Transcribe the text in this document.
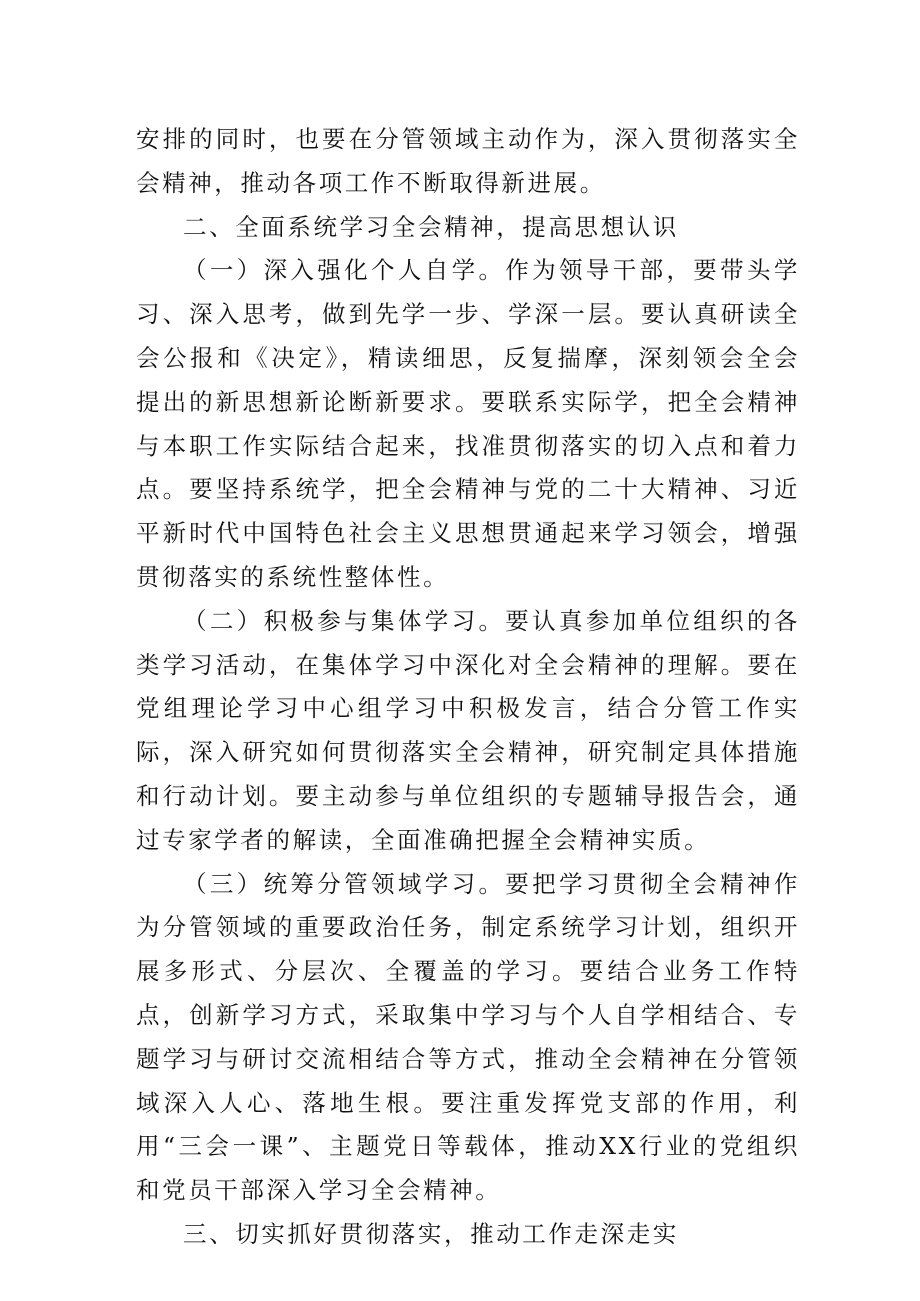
安排的同时，也要在分管领域主动作为，深入贯彻落实全会精神，推动各项工作不断取得新进展。

二、全面系统学习全会精神，提高思想认识

（一）深入强化个人自学。作为领导干部，要带头学习、深入思考，做到先学一步、学深一层。要认真研读全会公报和《决定》，精读细思，反复揣摩，深刻领会全会提出的新思想新论断新要求。要联系实际学，把全会精神与本职工作实际结合起来，找准贯彻落实的切入点和着力点。要坚持系统学，把全会精神与党的二十大精神、习近平新时代中国特色社会主义思想贯通起来学习领会，增强贯彻落实的系统性整体性。

（二）积极参与集体学习。要认真参加单位组织的各类学习活动，在集体学习中深化对全会精神的理解。要在党组理论学习中心组学习中积极发言，结合分管工作实际，深入研究如何贯彻落实全会精神，研究制定具体措施和行动计划。要主动参与单位组织的专题辅导报告会，通过专家学者的解读，全面准确把握全会精神实质。

（三）统筹分管领域学习。要把学习贯彻全会精神作为分管领域的重要政治任务，制定系统学习计划，组织开展多形式、分层次、全覆盖的学习。要结合业务工作特点，创新学习方式，采取集中学习与个人自学相结合、专题学习与研讨交流相结合等方式，推动全会精神在分管领域深入人心、落地生根。要注重发挥党支部的作用，利用“三会一课”、主题党日等载体，推动XX行业的党组织和党员干部深入学习全会精神。

三、切实抓好贯彻落实，推动工作走深走实
